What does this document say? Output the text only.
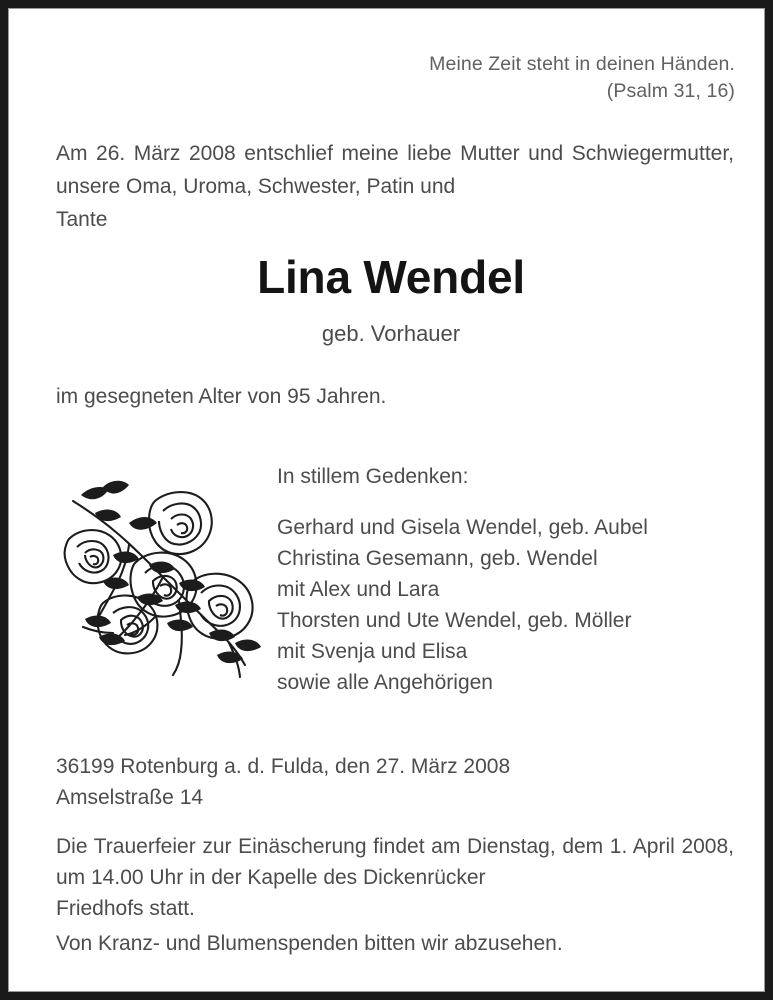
Meine Zeit steht in deinen Händen.
(Psalm 31, 16)
Am 26. März 2008 entschlief meine liebe Mutter und Schwiegermutter, unsere Oma, Uroma, Schwester, Patin und
Tante
Lina Wendel
geb. Vorhauer
im gesegneten Alter von 95 Jahren.
In stillem Gedenken:
Gerhard und Gisela Wendel, geb. Aubel
Christina Gesemann, geb. Wendel
mit Alex und Lara
Thorsten und Ute Wendel, geb. Möller
mit Svenja und Elisa
sowie alle Angehörigen
36199 Rotenburg a. d. Fulda, den 27. März 2008
Amselstraße 14
Die Trauerfeier zur Einäscherung findet am Dienstag, dem 1. April 2008, um 14.00 Uhr in der Kapelle des Dickenrücker
Friedhofs statt.
Von Kranz- und Blumenspenden bitten wir abzusehen.
